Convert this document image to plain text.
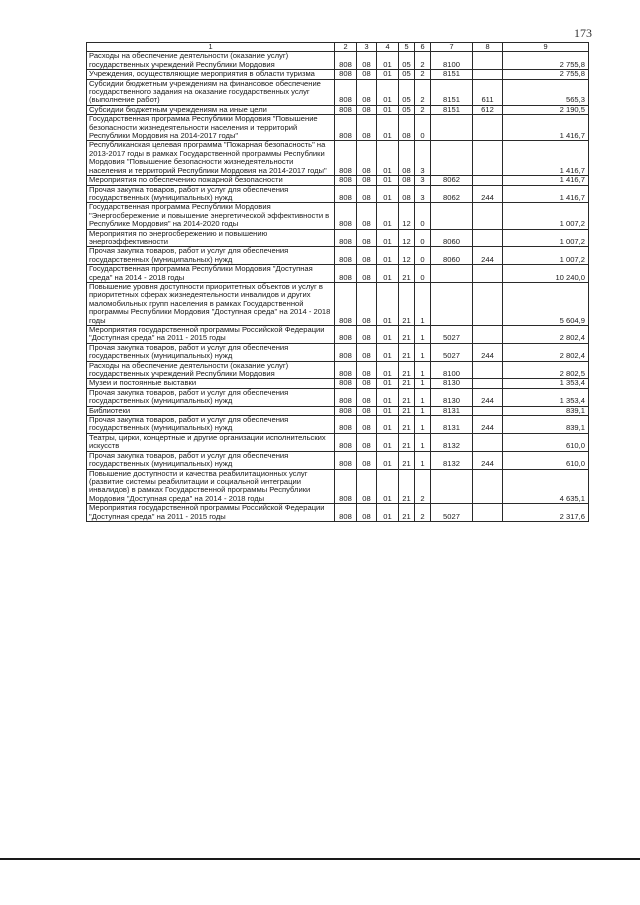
173
1	2	3	4	5	6	7	8	9
Расходы на обеспечение деятельности (оказание услуг) государственных учреждений Республики Мордовия	808	08	01	05	2	8100		2 755,8
Учреждения, осуществляющие мероприятия в области туризма	808	08	01	05	2	8151		2 755,8
Субсидии бюджетным учреждениям на финансовое обеспечение государственного задания на оказание государственных услуг (выполнение работ)	808	08	01	05	2	8151	611	565,3
Субсидии бюджетным учреждениям на иные цели	808	08	01	05	2	8151	612	2 190,5
Государственная программа Республики Мордовия "Повышение безопасности жизнедеятельности населения и территорий Республики Мордовия на 2014-2017 годы"	808	08	01	08	0			1 416,7
Республиканская целевая программа "Пожарная безопасность" на 2013-2017 годы в рамках Государственной программы Республики Мордовия "Повышение безопасности жизнедеятельности населения и территорий Республики Мордовия на 2014-2017 годы"	808	08	01	08	3			1 416,7
Мероприятия по обеспечению пожарной безопасности	808	08	01	08	3	8062		1 416,7
Прочая закупка товаров, работ и услуг для обеспечения государственных (муниципальных) нужд	808	08	01	08	3	8062	244	1 416,7
Государственная программа Республики Мордовия "Энергосбережение и повышение энергетической эффективности в Республике Мордовия" на 2014-2020 годы	808	08	01	12	0			1 007,2
Мероприятия по энергосбережению и повышению энергоэффективности	808	08	01	12	0	8060		1 007,2
Прочая закупка товаров, работ и услуг для обеспечения государственных (муниципальных) нужд	808	08	01	12	0	8060	244	1 007,2
Государственная программа Республики Мордовия "Доступная среда" на 2014 - 2018 годы	808	08	01	21	0			10 240,0
Повышение уровня доступности приоритетных объектов и услуг в приоритетных сферах жизнедеятельности инвалидов и других маломобильных групп населения в рамках Государственной программы Республики Мордовия "Доступная среда" на 2014 - 2018 годы	808	08	01	21	1			5 604,9
Мероприятия государственной программы Российской Федерации "Доступная среда" на 2011 - 2015 годы	808	08	01	21	1	5027		2 802,4
Прочая закупка товаров, работ и услуг для обеспечения государственных (муниципальных) нужд	808	08	01	21	1	5027	244	2 802,4
Расходы на обеспечение деятельности (оказание услуг) государственных учреждений Республики Мордовия	808	08	01	21	1	8100		2 802,5
Музеи и постоянные выставки	808	08	01	21	1	8130		1 353,4
Прочая закупка товаров, работ и услуг для обеспечения государственных (муниципальных) нужд	808	08	01	21	1	8130	244	1 353,4
Библиотеки	808	08	01	21	1	8131		839,1
Прочая закупка товаров, работ и услуг для обеспечения государственных (муниципальных) нужд	808	08	01	21	1	8131	244	839,1
Театры, цирки, концертные и другие организации исполнительских искусств	808	08	01	21	1	8132		610,0
Прочая закупка товаров, работ и услуг для обеспечения государственных (муниципальных) нужд	808	08	01	21	1	8132	244	610,0
Повышение доступности и качества реабилитационных услуг (развитие системы реабилитации и социальной интеграции инвалидов) в рамках Государственной программы Республики Мордовия "Доступная среда" на 2014 - 2018 годы	808	08	01	21	2			4 635,1
Мероприятия государственной программы Российской Федерации "Доступная среда" на 2011 - 2015 годы	808	08	01	21	2	5027		2 317,6
